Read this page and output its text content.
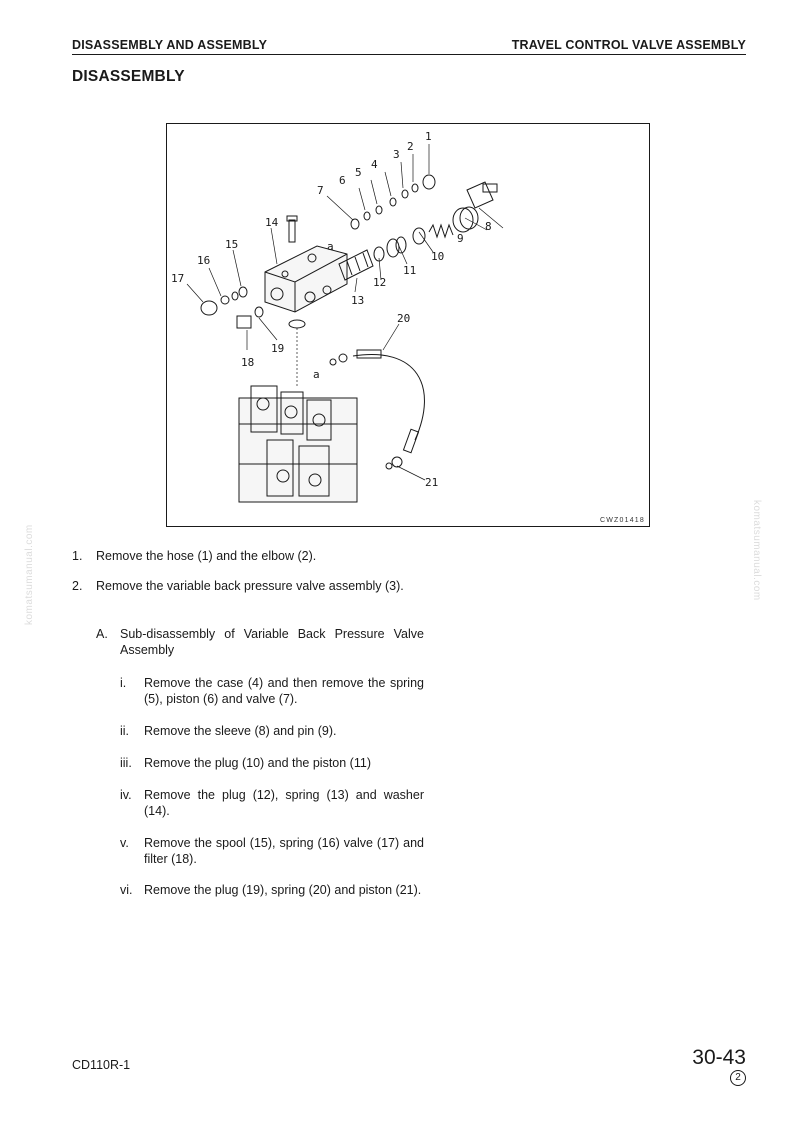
DISASSEMBLY AND ASSEMBLY	TRAVEL CONTROL VALVE ASSEMBLY
DISASSEMBLY
1
2
3
4
5
6
7
8
9
10
11
12
13
14
15
16
17
18
19
20
21
a
a
CWZ01418
komatsumanual.com	komatsumanual.com
1. Remove the hose (1) and the elbow (2).
2. Remove the variable back pressure valve assembly (3).
A. Sub-disassembly of Variable Back Pressure Valve Assembly
i. Remove the case (4) and then remove the spring (5), piston (6) and valve (7).
ii. Remove the sleeve (8) and pin (9).
iii. Remove the plug (10) and the piston (11)
iv. Remove the plug (12), spring (13) and washer (14).
v. Remove the spool (15), spring (16) valve (17) and filter (18).
vi. Remove the plug (19), spring (20) and piston (21).
CD110R-1	30-43
2
